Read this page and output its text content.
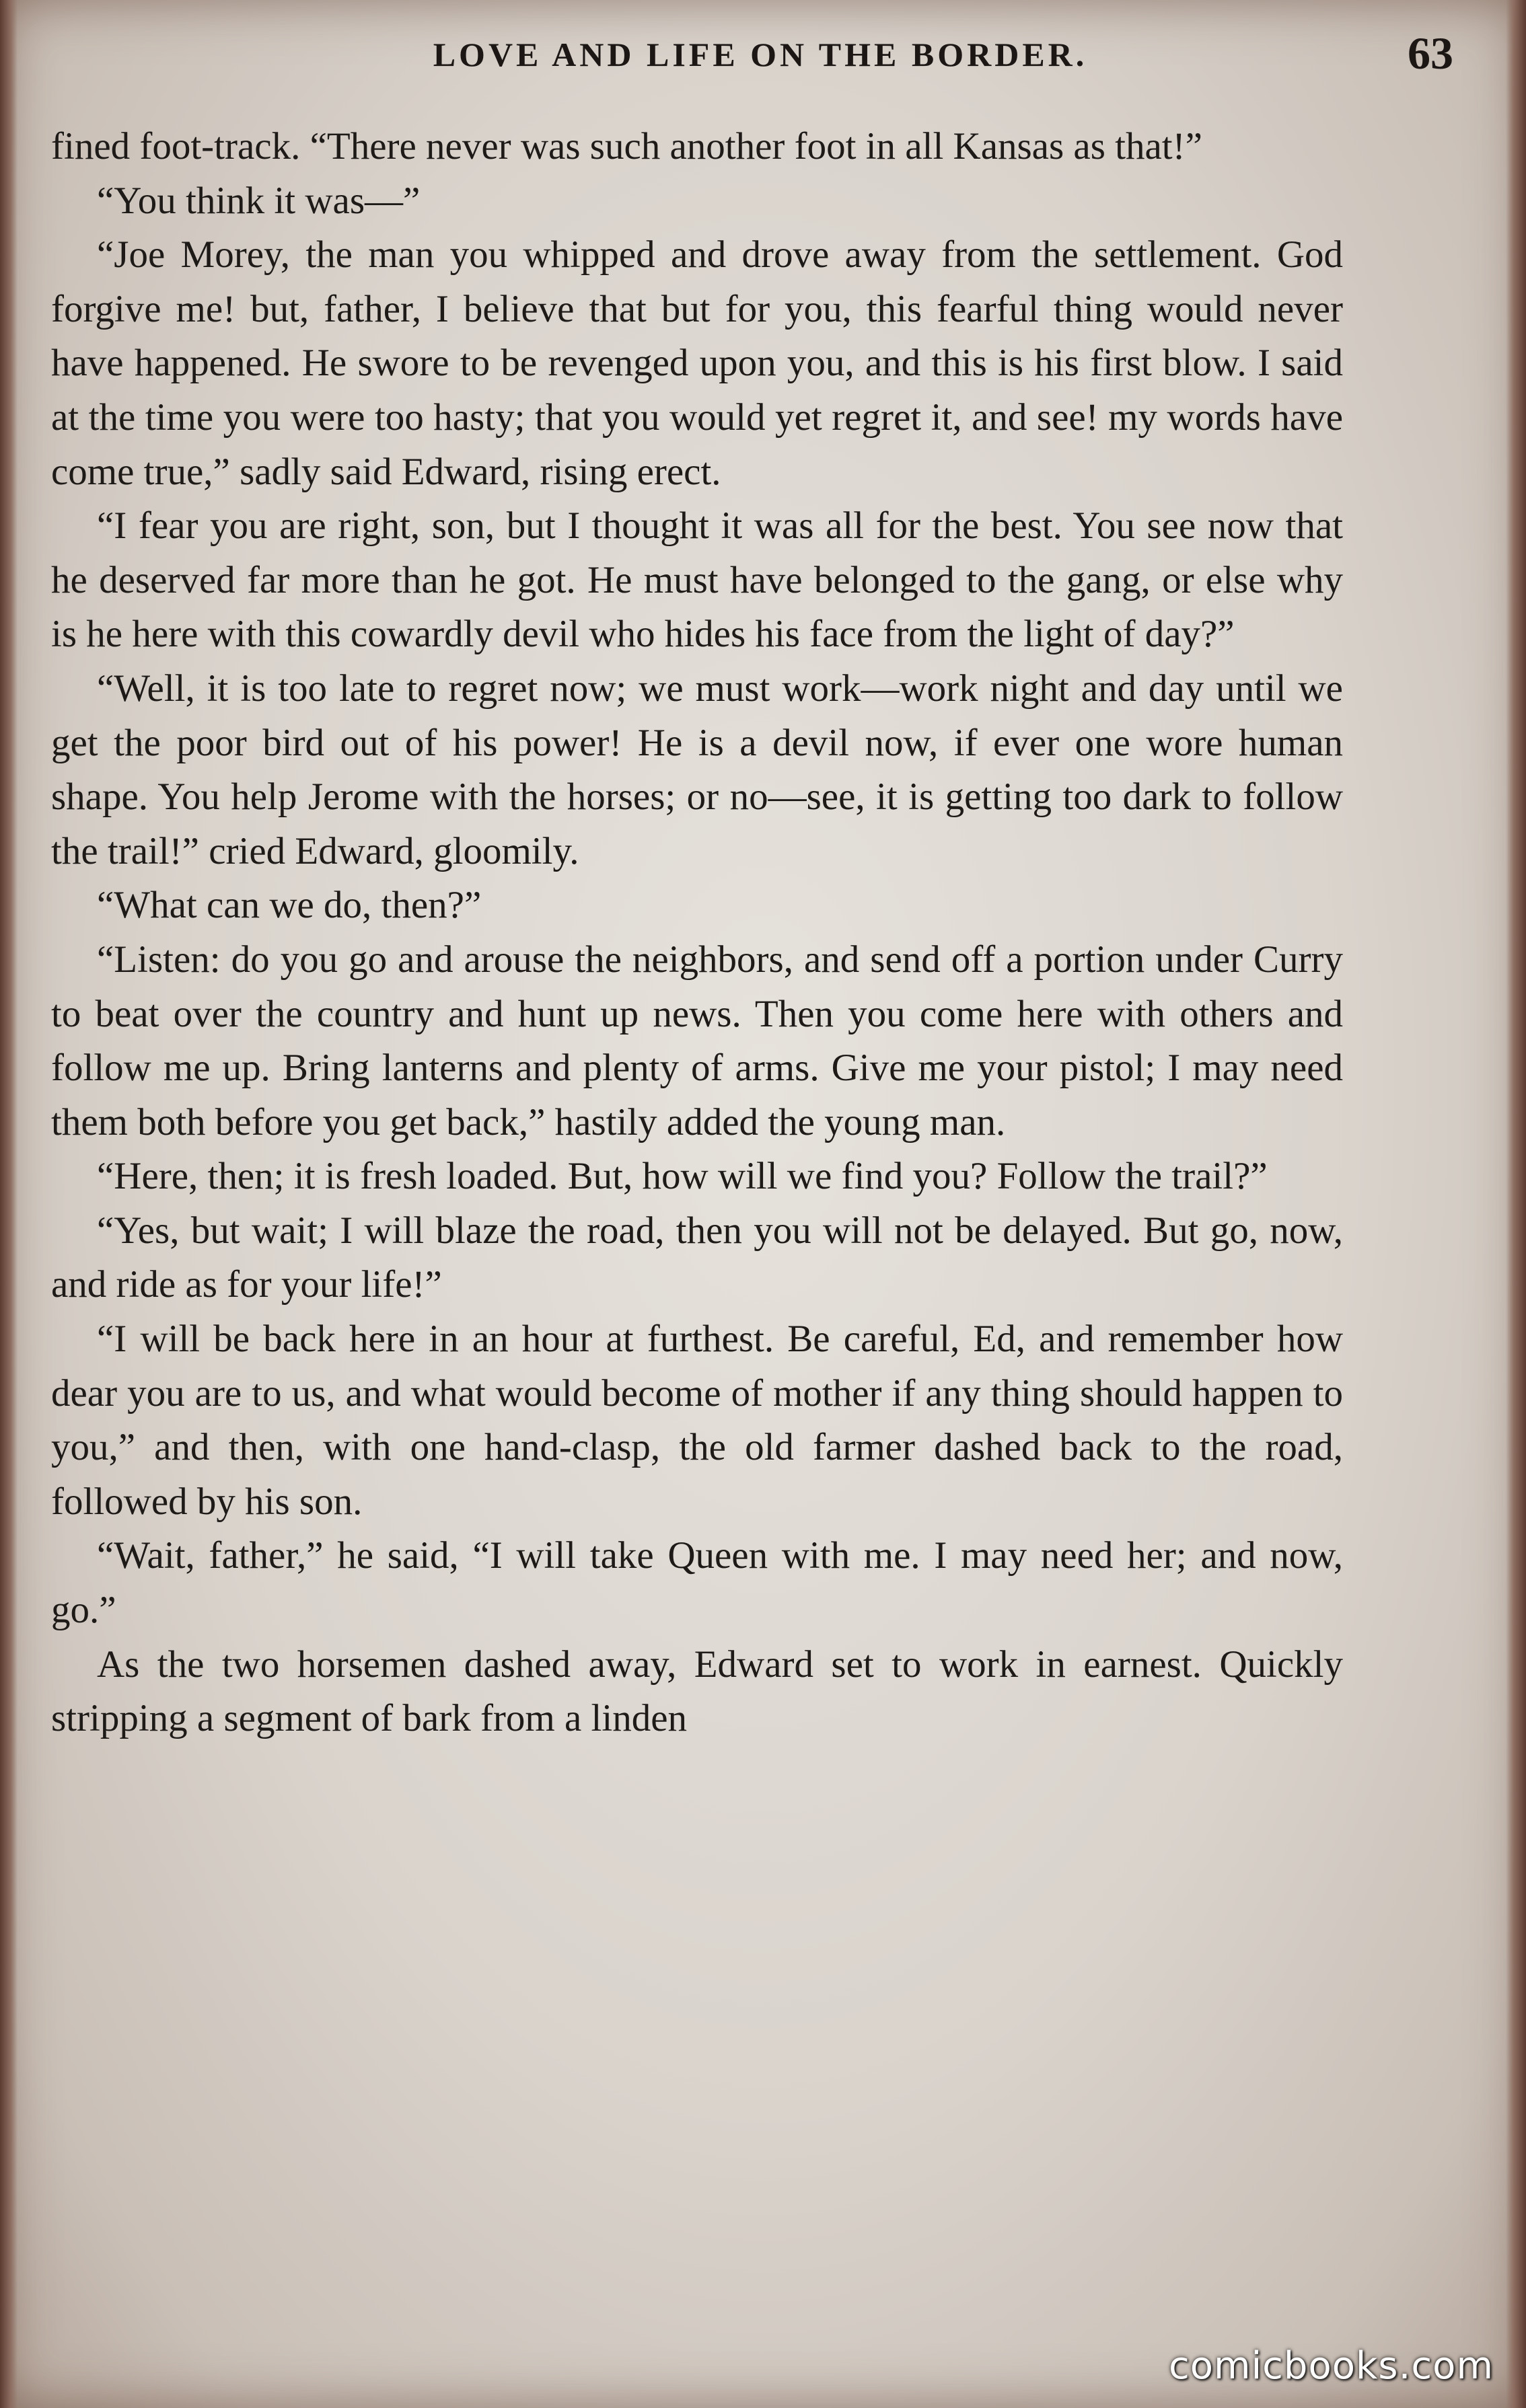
LOVE AND LIFE ON THE BORDER.	63

fined foot-track. “There never was such another foot in all Kansas as that!”

“You think it was—”

“Joe Morey, the man you whipped and drove away from the settlement. God forgive me! but, father, I believe that but for you, this fearful thing would never have happened. He swore to be revenged upon you, and this is his first blow. I said at the time you were too hasty; that you would yet regret it, and see! my words have come true,” sadly said Edward, rising erect.

“I fear you are right, son, but I thought it was all for the best. You see now that he deserved far more than he got. He must have belonged to the gang, or else why is he here with this cowardly devil who hides his face from the light of day?”

“Well, it is too late to regret now; we must work—work night and day until we get the poor bird out of his power! He is a devil now, if ever one wore human shape. You help Jerome with the horses; or no—see, it is getting too dark to follow the trail!” cried Edward, gloomily.

“What can we do, then?”

“Listen: do you go and arouse the neighbors, and send off a portion under Curry to beat over the country and hunt up news. Then you come here with others and follow me up. Bring lanterns and plenty of arms. Give me your pistol; I may need them both before you get back,” hastily added the young man.

“Here, then; it is fresh loaded. But, how will we find you? Follow the trail?”

“Yes, but wait; I will blaze the road, then you will not be delayed. But go, now, and ride as for your life!”

“I will be back here in an hour at furthest. Be careful, Ed, and remember how dear you are to us, and what would become of mother if any thing should happen to you,” and then, with one hand-clasp, the old farmer dashed back to the road, followed by his son.

“Wait, father,” he said, “I will take Queen with me. I may need her; and now, go.”

As the two horsemen dashed away, Edward set to work in earnest. Quickly stripping a segment of bark from a linden

comicbooks.com
